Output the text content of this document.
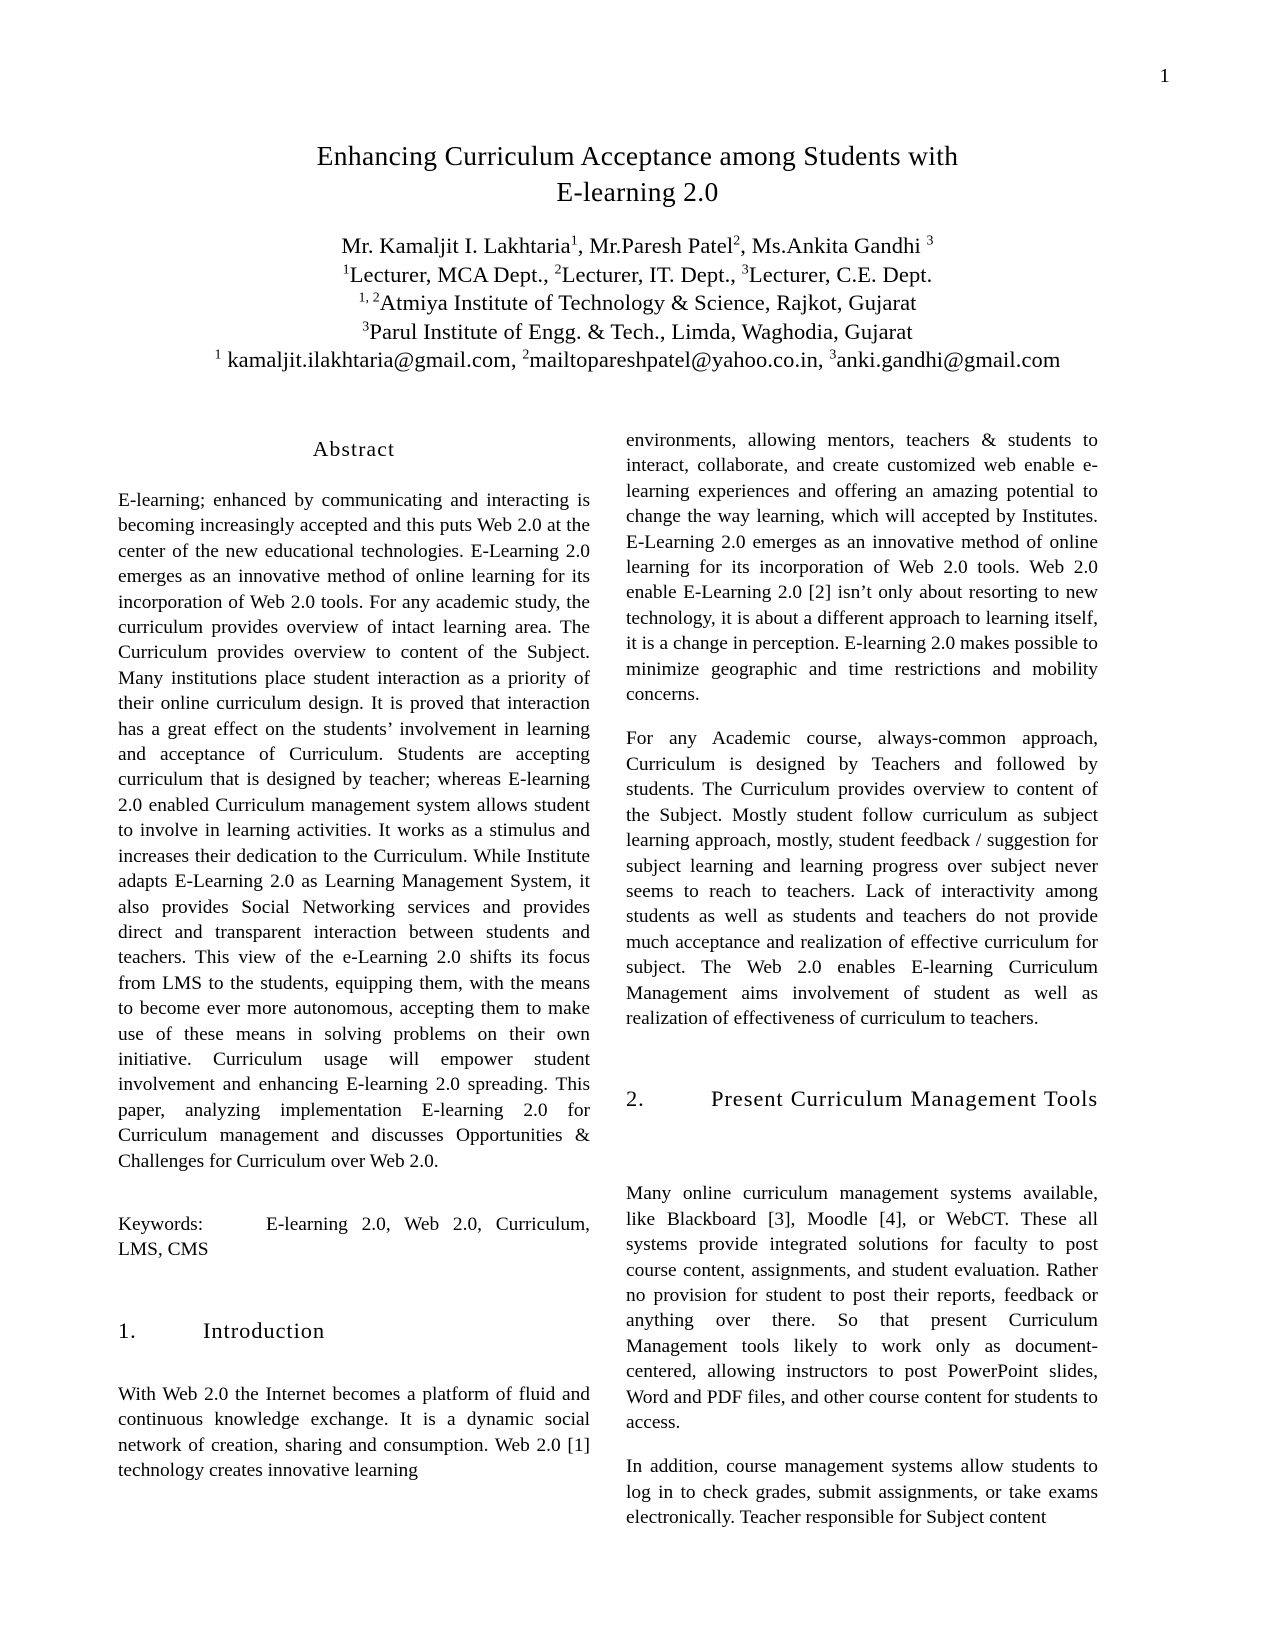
1
Enhancing Curriculum Acceptance among Students with
E-learning 2.0
Mr. Kamaljit I. Lakhtaria$^1$, Mr.Paresh Patel$^2$, Ms.Ankita Gandhi $^3$
$^1$Lecturer, MCA Dept., $^2$Lecturer, IT. Dept., $^3$Lecturer, C.E. Dept.
$^{1, 2}$Atmiya Institute of Technology & Science, Rajkot, Gujarat
$^3$Parul Institute of Engg. & Tech., Limda, Waghodia, Gujarat
$^1$ kamaljit.ilakhtaria@gmail.com, $^2$mailtopareshpatel@yahoo.co.in, $^3$anki.gandhi@gmail.com
Abstract

E-learning; enhanced by communicating and interacting is becoming increasingly accepted and this puts Web 2.0 at the center of the new educational technologies. E-Learning 2.0 emerges as an innovative method of online learning for its incorporation of Web 2.0 tools. For any academic study, the curriculum provides overview of intact learning area. The Curriculum provides overview to content of the Subject. Many institutions place student interaction as a priority of their online curriculum design. It is proved that interaction has a great effect on the students’ involvement in learning and acceptance of Curriculum. Students are accepting curriculum that is designed by teacher; whereas E-learning 2.0 enabled Curriculum management system allows student to involve in learning activities. It works as a stimulus and increases their dedication to the Curriculum. While Institute adapts E-Learning 2.0 as Learning Management System, it also provides Social Networking services and provides direct and transparent interaction between students and teachers. This view of the e-Learning 2.0 shifts its focus from LMS to the students, equipping them, with the means to become ever more autonomous, accepting them to make use of these means in solving problems on their own initiative. Curriculum usage will empower student involvement and enhancing E-learning 2.0 spreading. This paper, analyzing implementation E-learning 2.0 for Curriculum management and discusses Opportunities & Challenges for Curriculum over Web 2.0.

Keywords:	E-learning 2.0, Web 2.0, Curriculum, LMS, CMS
1.	Introduction

With Web 2.0 the Internet becomes a platform of fluid and continuous knowledge exchange. It is a dynamic social network of creation, sharing and consumption. Web 2.0 [1] technology creates innovative learning

environments, allowing mentors, teachers & students to interact, collaborate, and create customized web enable e-learning experiences and offering an amazing potential to change the way learning, which will accepted by Institutes. E-Learning 2.0 emerges as an innovative method of online learning for its incorporation of Web 2.0 tools. Web 2.0 enable E-Learning 2.0 [2] isn’t only about resorting to new technology, it is about a different approach to learning itself, it is a change in perception. E-learning 2.0 makes possible to minimize geographic and time restrictions and mobility concerns.

For any Academic course, always-common approach, Curriculum is designed by Teachers and followed by students. The Curriculum provides overview to content of the Subject. Mostly student follow curriculum as subject learning approach, mostly, student feedback / suggestion for subject learning and learning progress over subject never seems to reach to teachers. Lack of interactivity among students as well as students and teachers do not provide much acceptance and realization of effective curriculum for subject. The Web 2.0 enables E-learning Curriculum Management aims involvement of student as well as realization of effectiveness of curriculum to teachers.

2.	Present Curriculum Management Tools

Many online curriculum management systems available, like Blackboard [3], Moodle [4], or WebCT. These all systems provide integrated solutions for faculty to post course content, assignments, and student evaluation. Rather no provision for student to post their reports, feedback or anything over there. So that present Curriculum Management tools likely to work only as document-centered, allowing instructors to post PowerPoint slides, Word and PDF files, and other course content for students to access.

In addition, course management systems allow students to log in to check grades, submit assignments, or take exams electronically. Teacher responsible for Subject content
